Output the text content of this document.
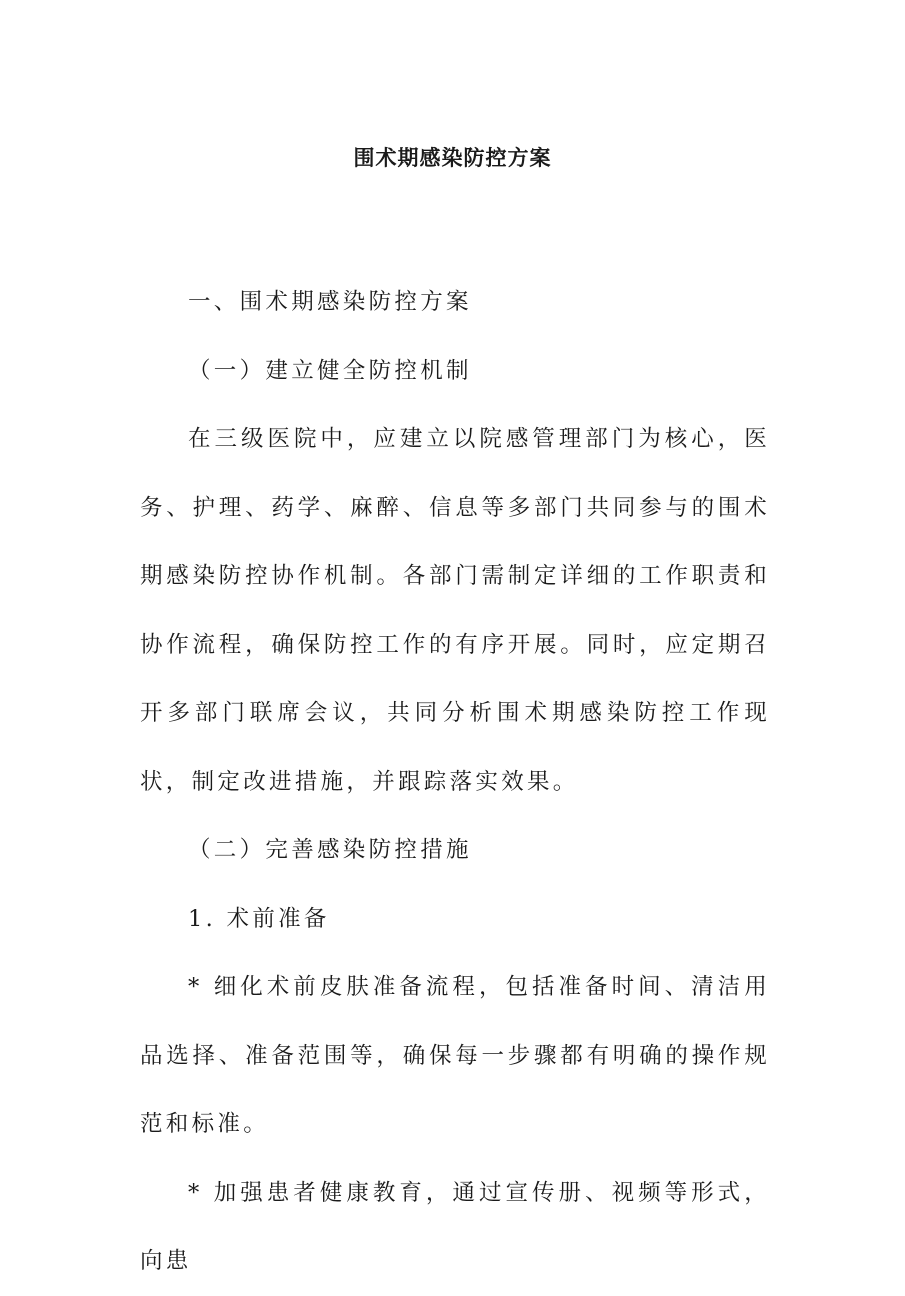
围术期感染防控方案

一、围术期感染防控方案

（一）建立健全防控机制

在三级医院中，应建立以院感管理部门为核心，医务、护理、药学、麻醉、信息等多部门共同参与的围术期感染防控协作机制。各部门需制定详细的工作职责和协作流程，确保防控工作的有序开展。同时，应定期召开多部门联席会议，共同分析围术期感染防控工作现状，制定改进措施，并跟踪落实效果。

（二）完善感染防控措施

1. 术前准备

* 细化术前皮肤准备流程，包括准备时间、清洁用品选择、准备范围等，确保每一步骤都有明确的操作规范和标准。

* 加强患者健康教育，通过宣传册、视频等形式，向患
